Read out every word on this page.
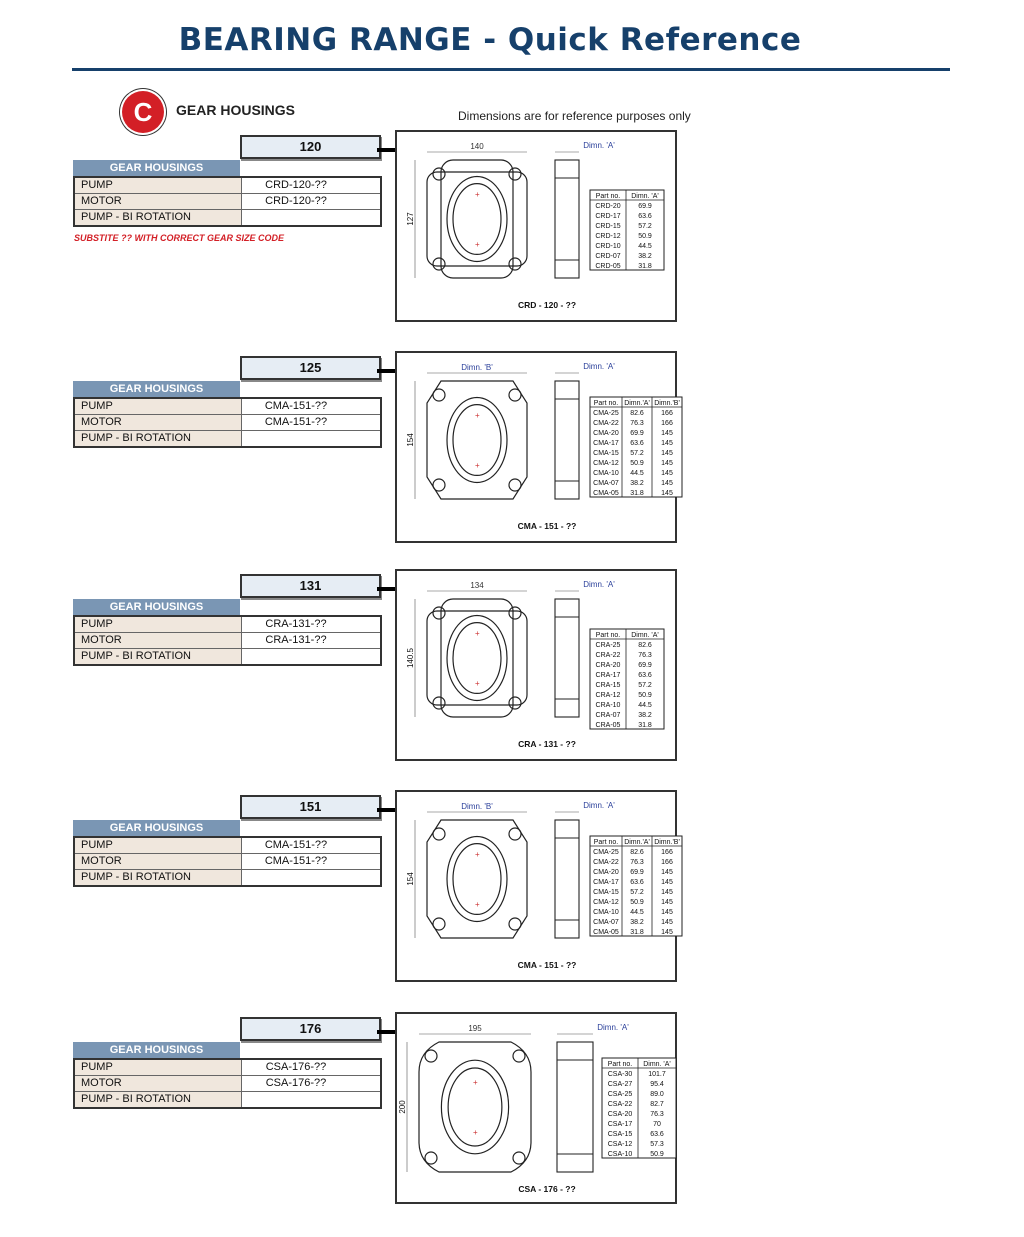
BEARING RANGE - Quick Reference
C	GEAR HOUSINGS	Dimensions are for reference purposes only
SUBSTITE ?? WITH CORRECT GEAR SIZE CODE
120
GEAR HOUSINGS
PUMP	CRD-120-??
MOTOR	CRD-120-??
PUMP - BI ROTATION
+
+
140
127
Dimn. 'A'
Part no. Dimn. 'A'
CRD-20	69.9
CRD-17	63.6
CRD-15	57.2
CRD-12	50.9
CRD-10	44.5
CRD-07	38.2
CRD-05	31.8
CRD - 120 - ??
125
GEAR HOUSINGS
PUMP	CMA-151-??
MOTOR	CMA-151-??
PUMP - BI ROTATION
+
+
Dimn. 'B'
154
Dimn. 'A'
Part no. Dimn.'A' Dimn.'B'
CMA-25 82.6 166
CMA-22 76.3 166
CMA-20 69.9 145
CMA-17 63.6 145
CMA-15 57.2 145
CMA-12 50.9 145
CMA-10 44.5 145
CMA-07 38.2 145
CMA-05 31.8 145
CMA - 151 - ??
131
GEAR HOUSINGS
PUMP	CRA-131-??
MOTOR	CRA-131-??
PUMP - BI ROTATION
+
+
134
140.5
Dimn. 'A'
Part no. Dimn. 'A'
CRA-25	82.6
CRA-22	76.3
CRA-20	69.9
CRA-17	63.6
CRA-15	57.2
CRA-12	50.9
CRA-10	44.5
CRA-07	38.2
CRA-05	31.8
CRA - 131 - ??
151
GEAR HOUSINGS
PUMP	CMA-151-??
MOTOR	CMA-151-??
PUMP - BI ROTATION
+
+
Dimn. 'B'
154
Dimn. 'A'
Part no. Dimn.'A' Dimn.'B'
CMA-25 82.6 166
CMA-22 76.3 166
CMA-20 69.9 145
CMA-17 63.6 145
CMA-15 57.2 145
CMA-12 50.9 145
CMA-10 44.5 145
CMA-07 38.2 145
CMA-05 31.8 145
CMA - 151 - ??
176
GEAR HOUSINGS
PUMP	CSA-176-??
MOTOR	CSA-176-??
PUMP - BI ROTATION
+
+
195
200
Dimn. 'A'
Part no. Dimn. 'A'
CSA-30 101.7
CSA-27	95.4
CSA-25	89.0
CSA-22	82.7
CSA-20	76.3
CSA-17	70
CSA-15	63.6
CSA-12	57.3
CSA-10	50.9
CSA - 176 - ??
